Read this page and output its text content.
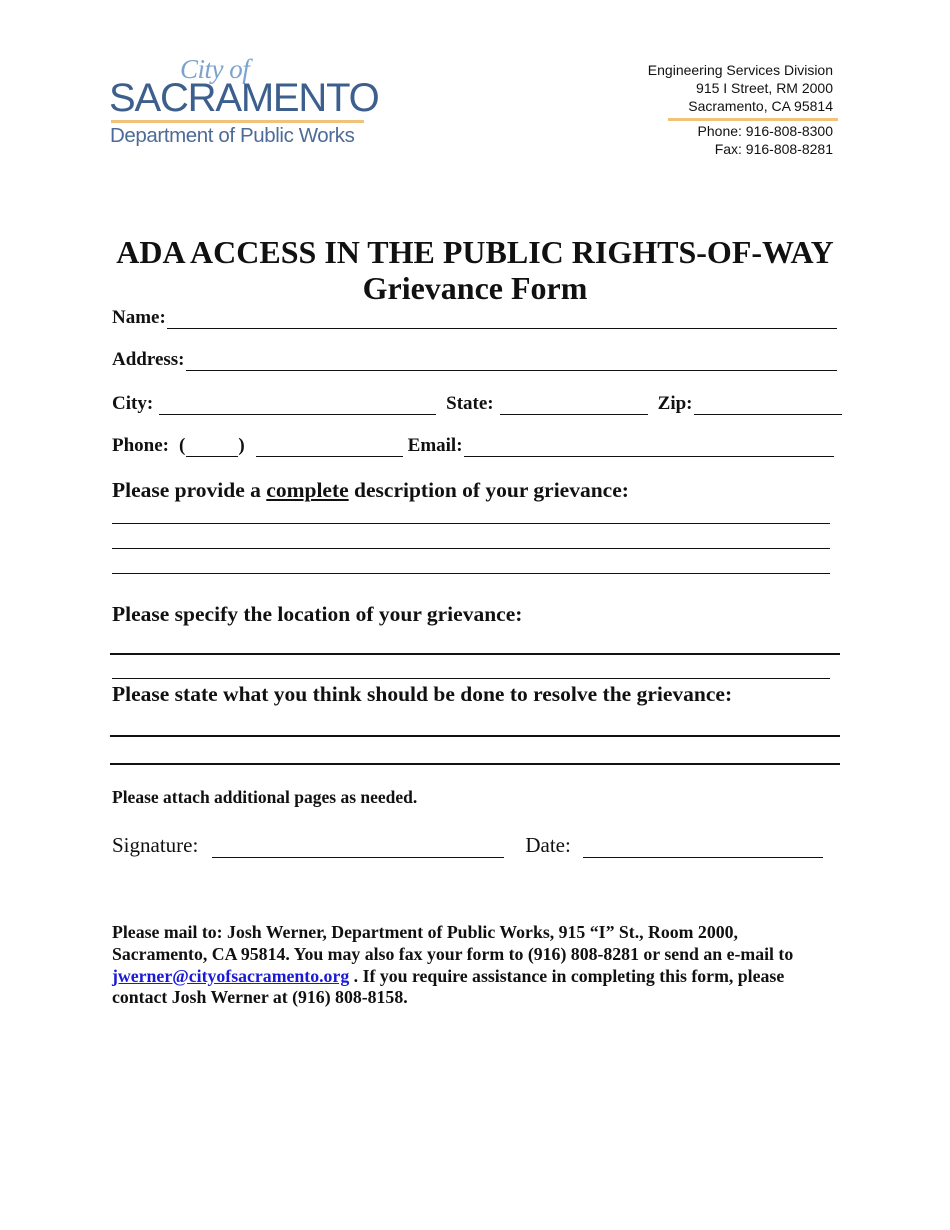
City of
SACRAMENTO
Department of Public Works
Engineering Services Division
915 I Street, RM 2000
Sacramento, CA 95814
Phone: 916-808-8300
Fax: 916-808-8281
ADA ACCESS IN THE PUBLIC RIGHTS-OF-WAY
Grievance Form
Name:
Address:
City:	State:	Zip:
Phone: (	)	Email:
Please provide a complete description of your grievance:
Please specify the location of your grievance:
Please state what you think should be done to resolve the grievance:
Please attach additional pages as needed.
Signature:	Date:
Please mail to: Josh Werner, Department of Public Works, 915 “I” St., Room 2000, Sacramento, CA 95814. You may also fax your form to (916) 808-8281 or send an e-mail to jwerner@cityofsacramento.org . If you require assistance in completing this form, please contact Josh Werner at (916) 808-8158.
